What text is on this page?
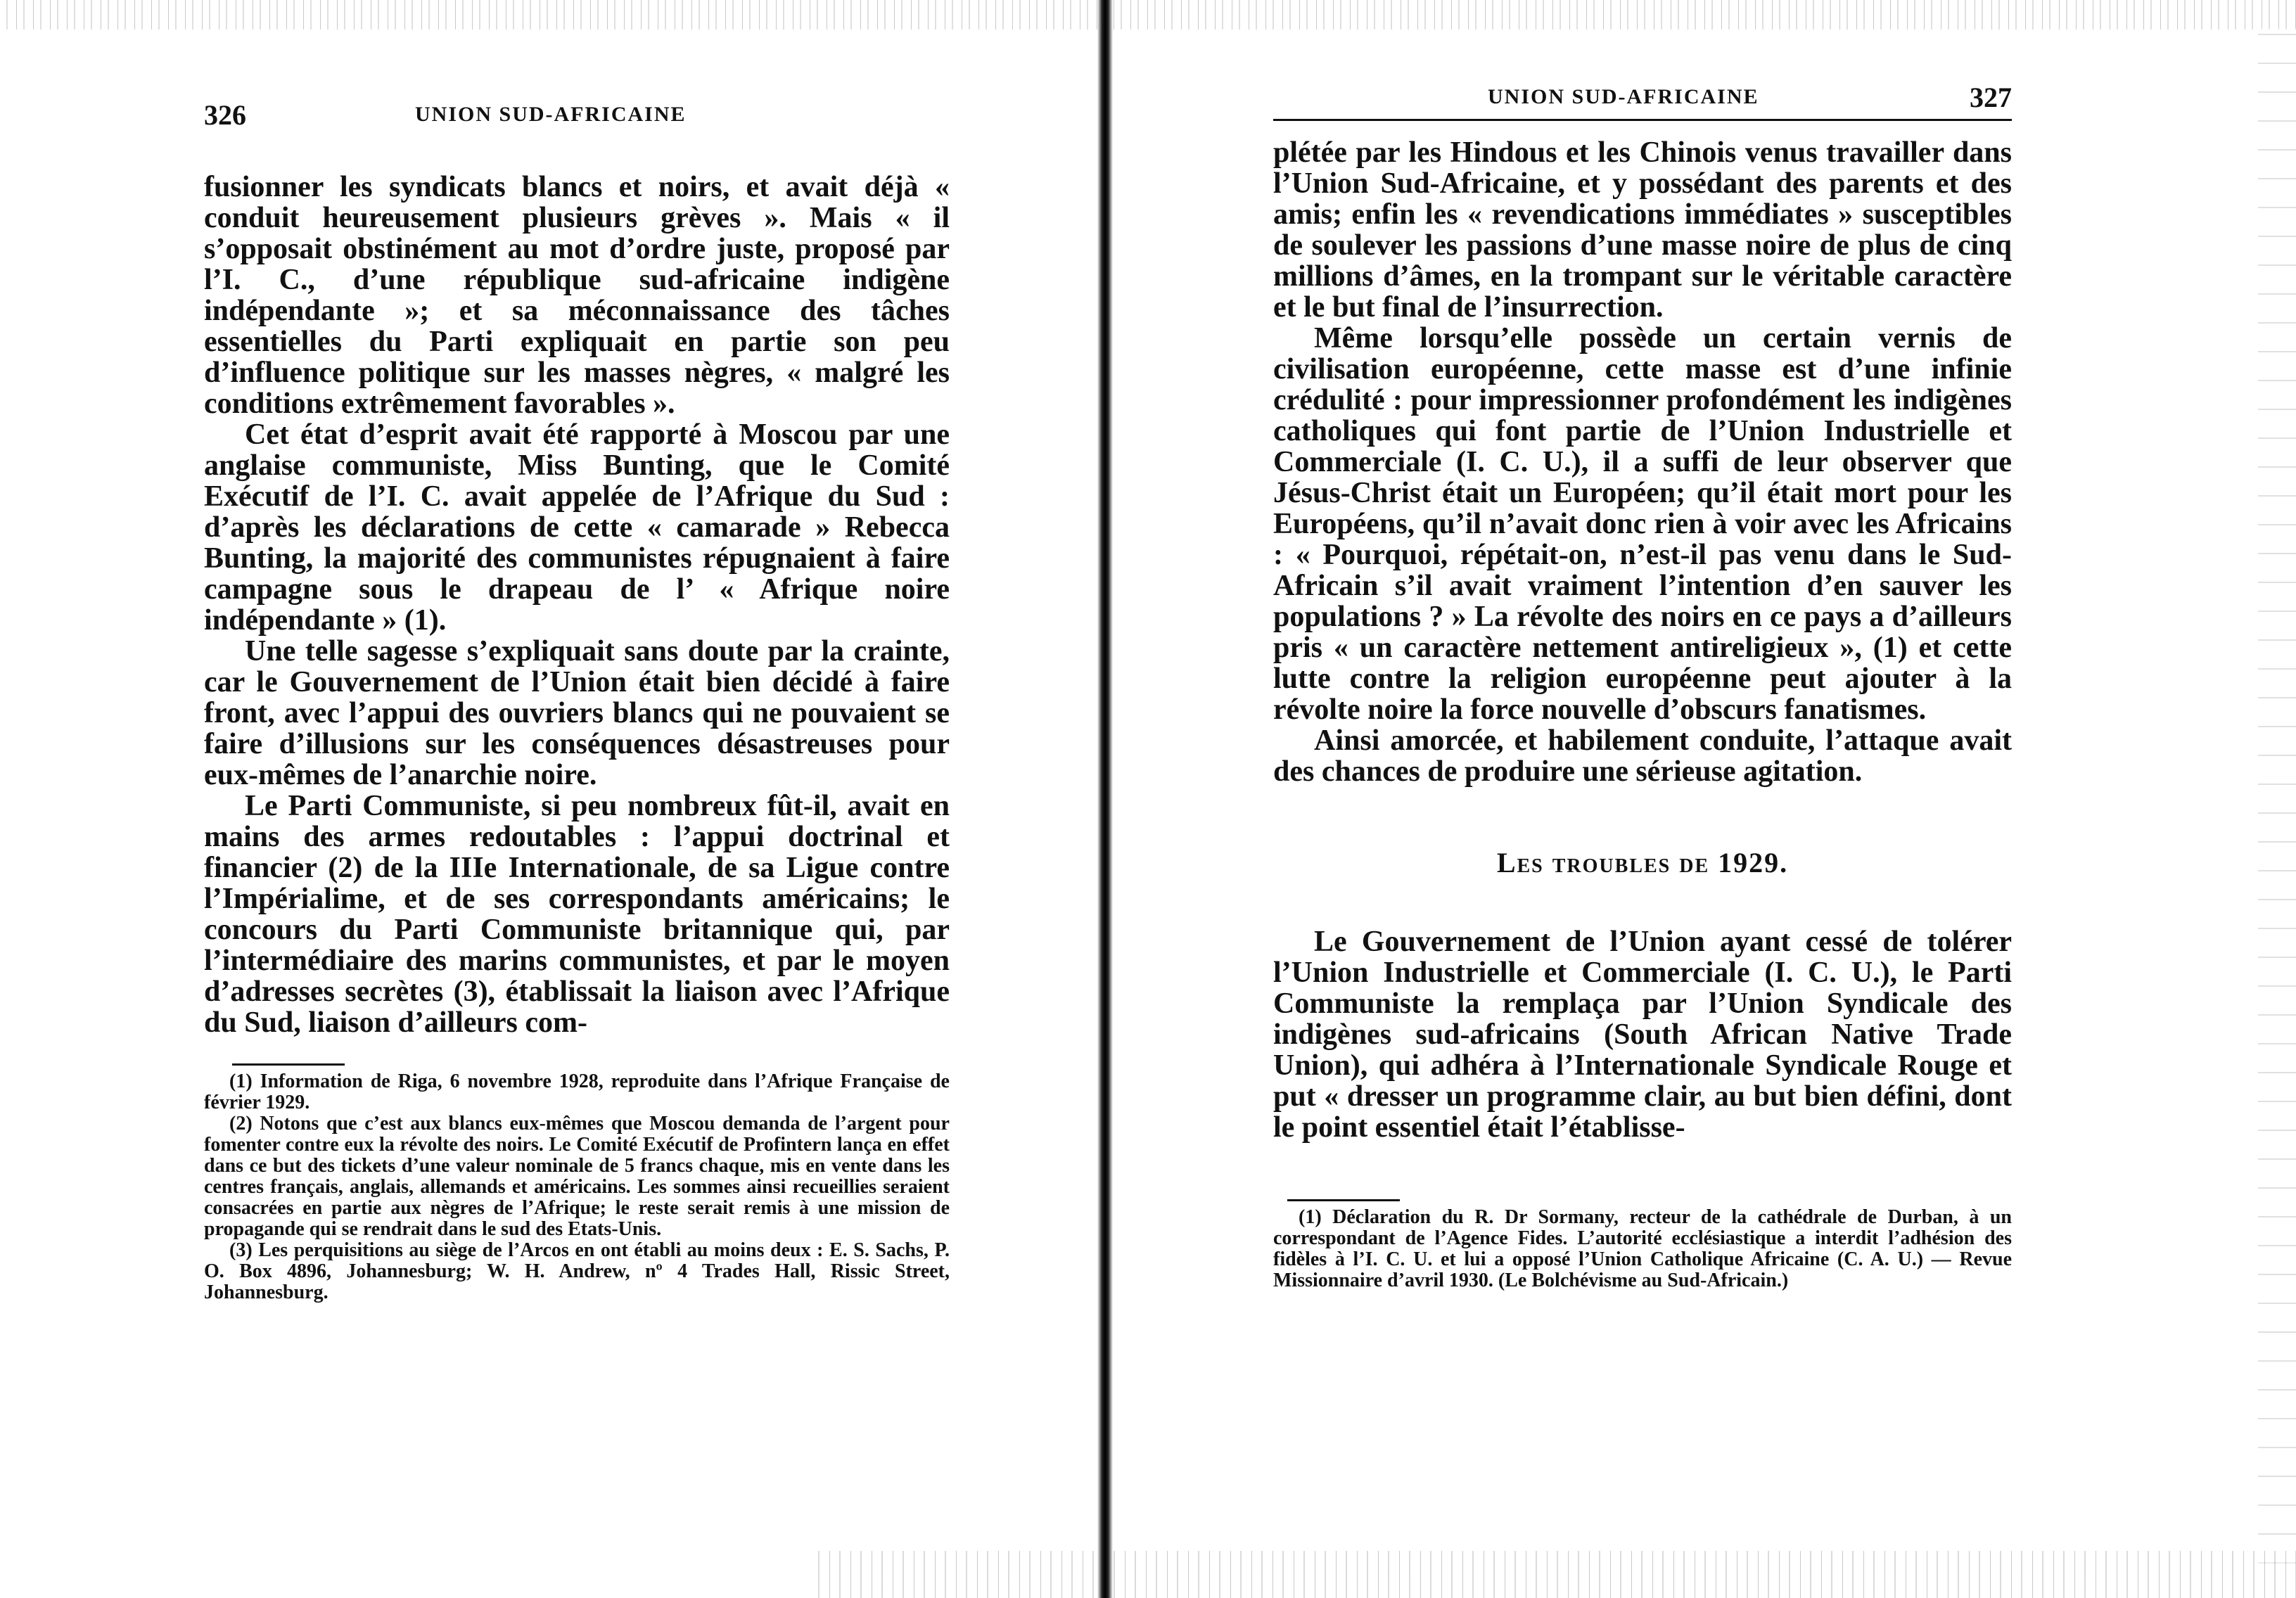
326	UNION SUD-AFRICAINE

fusionner les syndicats blancs et noirs, et avait déjà « conduit heureusement plusieurs grèves ». Mais « il s’opposait obstinément au mot d’ordre juste, proposé par l’I. C., d’une république sud-africaine indigène indépendante »; et sa méconnaissance des tâches essentielles du Parti expliquait en partie son peu d’influence politique sur les masses nègres, « malgré les conditions extrêmement favorables ».

Cet état d’esprit avait été rapporté à Moscou par une anglaise communiste, Miss Bunting, que le Comité Exécutif de l’I. C. avait appelée de l’Afrique du Sud : d’après les déclarations de cette « camarade » Rebecca Bunting, la majorité des communistes répugnaient à faire campagne sous le drapeau de l’ « Afrique noire indépendante » (1).

Une telle sagesse s’expliquait sans doute par la crainte, car le Gouvernement de l’Union était bien décidé à faire front, avec l’appui des ouvriers blancs qui ne pouvaient se faire d’illusions sur les conséquences désastreuses pour eux-mêmes de l’anarchie noire.

Le Parti Communiste, si peu nombreux fût-il, avait en mains des armes redoutables : l’appui doctrinal et financier (2) de la IIIe Internationale, de sa Ligue contre l’Impérialime, et de ses correspondants américains; le concours du Parti Communiste britannique qui, par l’intermédiaire des marins communistes, et par le moyen d’adresses secrètes (3), établissait la liaison avec l’Afrique du Sud, liaison d’ailleurs com-

(1) Information de Riga, 6 novembre 1928, reproduite dans l’Afrique Française de février 1929.

(2) Notons que c’est aux blancs eux-mêmes que Moscou demanda de l’argent pour fomenter contre eux la révolte des noirs. Le Comité Exécutif de Profintern lança en effet dans ce but des tickets d’une valeur nominale de 5 francs chaque, mis en vente dans les centres français, anglais, allemands et américains. Les sommes ainsi recueillies seraient consacrées en partie aux nègres de l’Afrique; le reste serait remis à une mission de propagande qui se rendrait dans le sud des Etats-Unis.

(3) Les perquisitions au siège de l’Arcos en ont établi au moins deux : E. S. Sachs, P. O. Box 4896, Johannesburg; W. H. Andrew, nº 4 Trades Hall, Rissic Street, Johannesburg.

UNION SUD-AFRICAINE	327

plétée par les Hindous et les Chinois venus travailler dans l’Union Sud-Africaine, et y possédant des parents et des amis; enfin les « revendications immédiates » susceptibles de soulever les passions d’une masse noire de plus de cinq millions d’âmes, en la trompant sur le véritable caractère et le but final de l’insurrection.

Même lorsqu’elle possède un certain vernis de civilisation européenne, cette masse est d’une infinie crédulité : pour impressionner profondément les indigènes catholiques qui font partie de l’Union Industrielle et Commerciale (I. C. U.), il a suffi de leur observer que Jésus-Christ était un Européen; qu’il était mort pour les Européens, qu’il n’avait donc rien à voir avec les Africains : « Pourquoi, répétait-on, n’est-il pas venu dans le Sud-Africain s’il avait vraiment l’intention d’en sauver les populations ? » La révolte des noirs en ce pays a d’ailleurs pris « un caractère nettement antireligieux », (1) et cette lutte contre la religion européenne peut ajouter à la révolte noire la force nouvelle d’obscurs fanatismes.

Ainsi amorcée, et habilement conduite, l’attaque avait des chances de produire une sérieuse agitation.

Les troubles de 1929.

Le Gouvernement de l’Union ayant cessé de tolérer l’Union Industrielle et Commerciale (I. C. U.), le Parti Communiste la remplaça par l’Union Syndicale des indigènes sud-africains (South African Native Trade Union), qui adhéra à l’Internationale Syndicale Rouge et put « dresser un programme clair, au but bien défini, dont le point essentiel était l’établisse-

(1) Déclaration du R. Dr Sormany, recteur de la cathédrale de Durban, à un correspondant de l’Agence Fides. L’autorité ecclésiastique a interdit l’adhésion des fidèles à l’I. C. U. et lui a opposé l’Union Catholique Africaine (C. A. U.) — Revue Missionnaire d’avril 1930. (Le Bolchévisme au Sud-Africain.)
